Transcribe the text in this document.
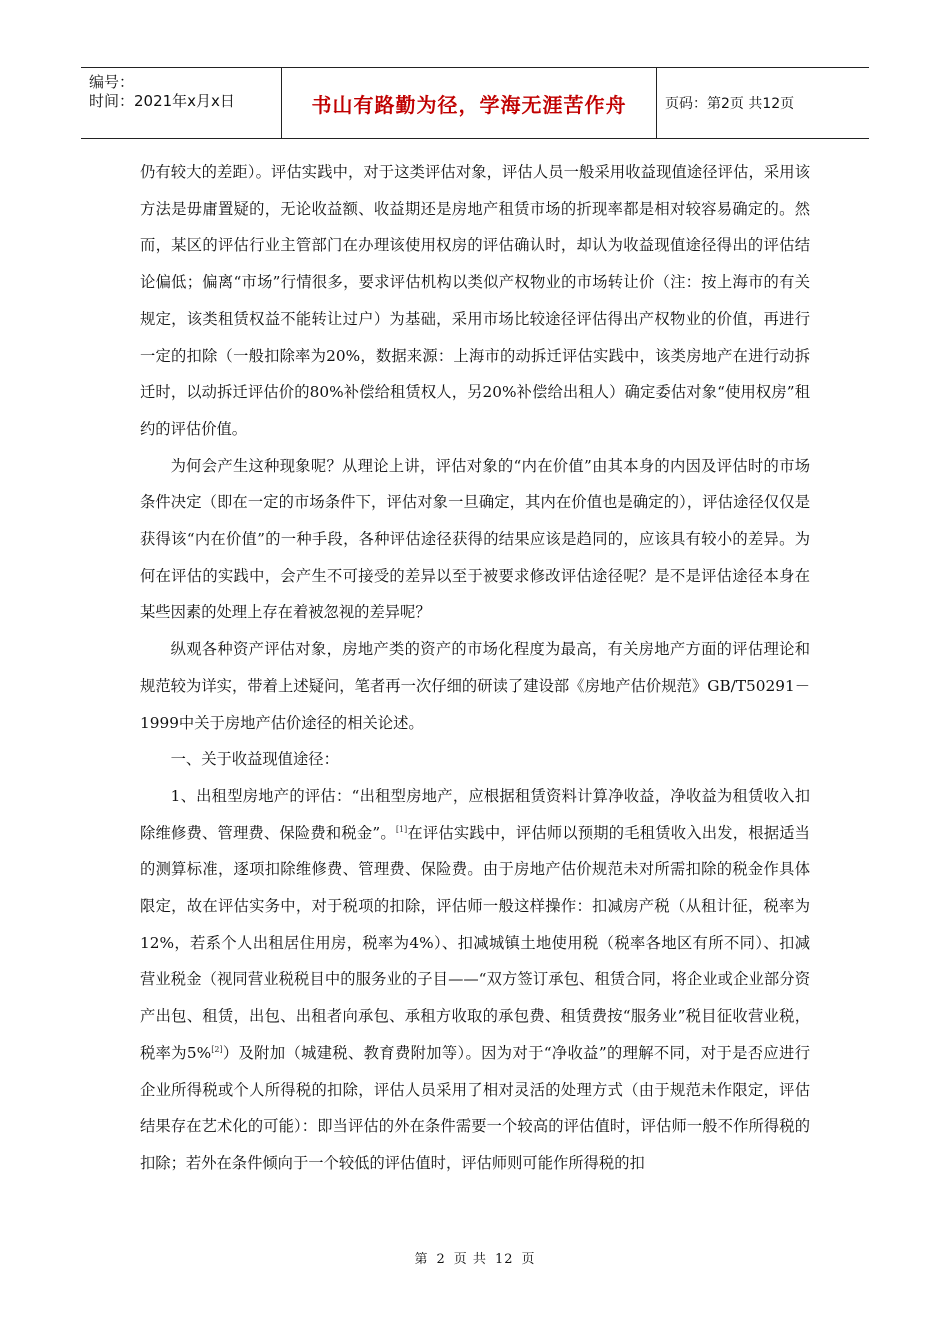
编号：
时间：2021年x月x日	书山有路勤为径，学海无涯苦作舟	页码：第2页 共12页

仍有较大的差距）。评估实践中，对于这类评估对象，评估人员一般采用收益现值途径评估，采用该方法是毋庸置疑的，无论收益额、收益期还是房地产租赁市场的折现率都是相对较容易确定的。然而，某区的评估行业主管部门在办理该使用权房的评估确认时，却认为收益现值途径得出的评估结论偏低；偏离“市场”行情很多，要求评估机构以类似产权物业的市场转让价（注：按上海市的有关规定，该类租赁权益不能转让过户）为基础，采用市场比较途径评估得出产权物业的价值，再进行一定的扣除（一般扣除率为20%，数据来源：上海市的动拆迁评估实践中，该类房地产在进行动拆迁时，以动拆迁评估价的80%补偿给租赁权人，另20%补偿给出租人）确定委估对象“使用权房”租约的评估价值。

为何会产生这种现象呢？从理论上讲，评估对象的“内在价值”由其本身的内因及评估时的市场条件决定（即在一定的市场条件下，评估对象一旦确定，其内在价值也是确定的），评估途径仅仅是获得该“内在价值”的一种手段，各种评估途径获得的结果应该是趋同的，应该具有较小的差异。为何在评估的实践中，会产生不可接受的差异以至于被要求修改评估途径呢？是不是评估途径本身在某些因素的处理上存在着被忽视的差异呢？

纵观各种资产评估对象，房地产类的资产的市场化程度为最高，有关房地产方面的评估理论和规范较为详实，带着上述疑问，笔者再一次仔细的研读了建设部《房地产估价规范》GB/T50291－1999中关于房地产估价途径的相关论述。

一、关于收益现值途径：

1、出租型房地产的评估：“出租型房地产，应根据租赁资料计算净收益，净收益为租赁收入扣除维修费、管理费、保险费和税金”。[1]在评估实践中，评估师以预期的毛租赁收入出发，根据适当的测算标准，逐项扣除维修费、管理费、保险费。由于房地产估价规范未对所需扣除的税金作具体限定，故在评估实务中，对于税项的扣除，评估师一般这样操作：扣减房产税（从租计征，税率为12%，若系个人出租居住用房，税率为4%）、扣减城镇土地使用税（税率各地区有所不同）、扣减营业税金（视同营业税税目中的服务业的子目——“双方签订承包、租赁合同，将企业或企业部分资产出包、租赁，出包、出租者向承包、承租方收取的承包费、租赁费按“服务业”税目征收营业税，税率为5%[2]）及附加（城建税、教育费附加等）。因为对于“净收益”的理解不同，对于是否应进行企业所得税或个人所得税的扣除，评估人员采用了相对灵活的处理方式（由于规范未作限定，评估结果存在艺术化的可能）：即当评估的外在条件需要一个较高的评估值时，评估师一般不作所得税的扣除；若外在条件倾向于一个较低的评估值时，评估师则可能作所得税的扣

第 2 页 共 12 页
